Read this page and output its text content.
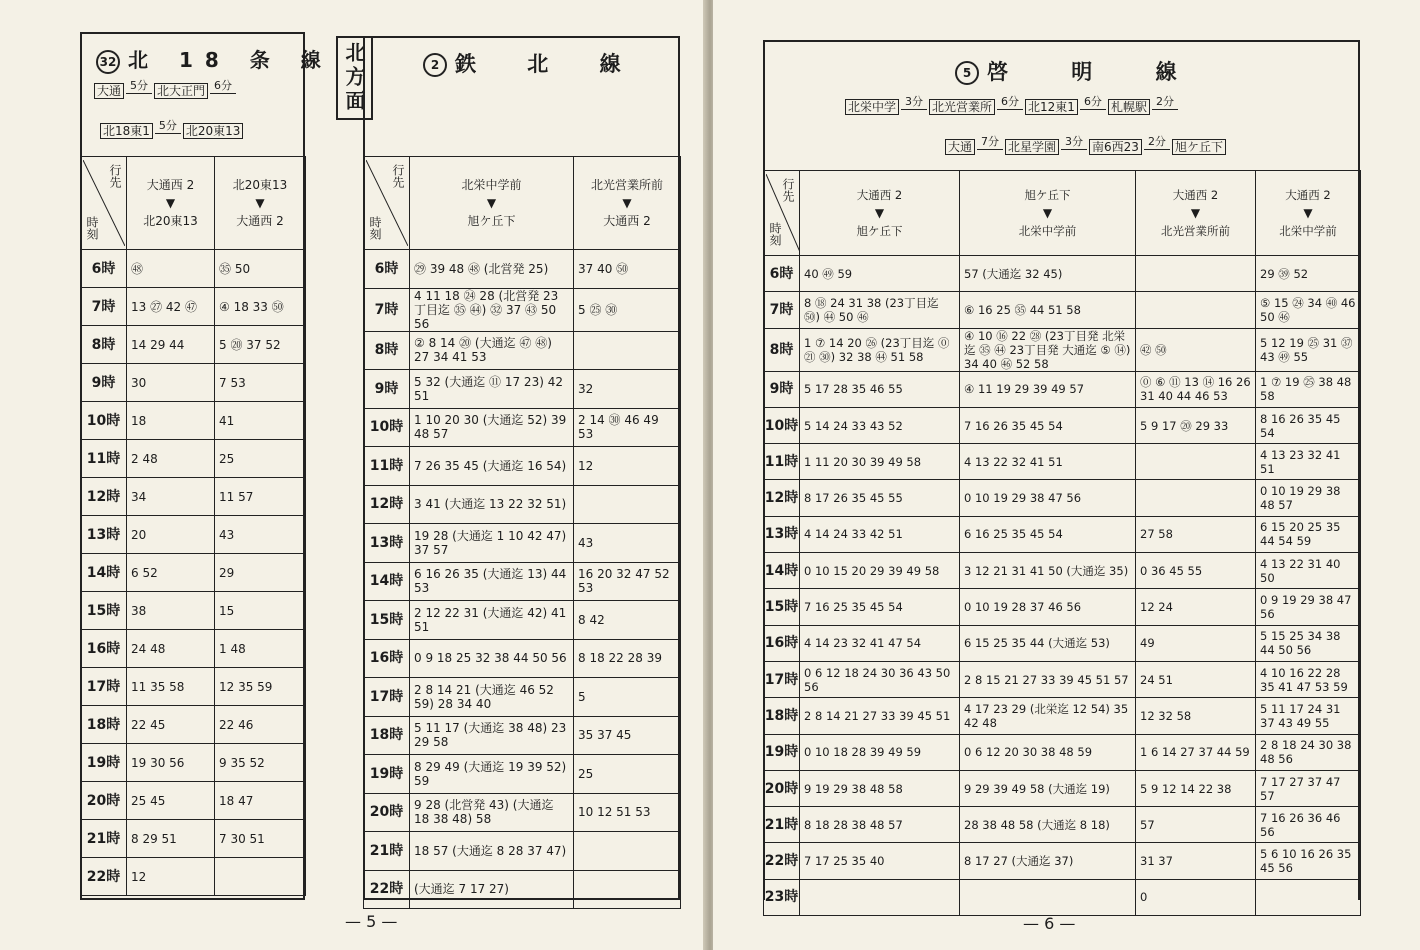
32 北 18 条 線
大通 5分 北大正門 6分
北18東1 5分 北20東13
行先
時刻	大通西 2
▼
北20東13	北20東13
▼
大通西 2

6時	㊽	㉟ 50
7時	13 ㉗ 42 ㊼	④ 18 33 ㊿
8時	14 29 44	5 ⑳ 37 52
9時	30	7 53
10時	18	41
11時	2 48	25
12時	34	11 57
13時	20	43
14時	6 52	29
15時	38	15
16時	24 48	1 48
17時	11 35 58	12 35 59
18時	22 45	22 46
19時	19 30 56	9 35 52
20時	25 45	18 47
21時	8 29 51	7 30 51
22時	12	
北方面	2 鉄 北 線
行先
時刻	北栄中学前
▼
旭ケ丘下	北光営業所前
▼
大通西 2

6時	㉙ 39 48 ㊽ (北営発 25)	37 40 ㊿
7時	4 11 18 ㉔ 28 (北営発 23丁目迄 ㉟ ㊹) ㉜ 37 ㊸ 50 56	5 ㉕ ㉚
8時	② 8 14 ⑳ (大通迄 ㊼ ㊽) 27 34 41 53	
9時	5 32 (大通迄 ⑪ 17 23) 42 51	32
10時	1 10 20 30 (大通迄 52) 39 48 57	2 14 ㉚ 46 49 53
11時	7 26 35 45 (大通迄 16 54)	12
12時	3 41 (大通迄 13 22 32 51)	
13時	19 28 (大通迄 1 10 42 47) 37 57	43
14時	6 16 26 35 (大通迄 13) 44 53	16 20 32 47 52 53
15時	2 12 22 31 (大通迄 42) 41 51	8 42
16時	0 9 18 25 32 38 44 50 56	8 18 22 28 39
17時	2 8 14 21 (大通迄 46 52 59) 28 34 40	5
18時	5 11 17 (大通迄 38 48) 23 29 58	35 37 45
19時	8 29 49 (大通迄 19 39 52) 59	25
20時	9 28 (北営発 43) (大通迄 18 38 48) 58	10 12 51 53
21時	18 57 (大通迄 8 28 37 47)	
22時	(大通迄 7 17 27)	
— 5 —
5 啓 明 線
北栄中学 3分 北光営業所 6分 北12東1 6分 札幌駅 2分
大通 7分 北星学園 3分 南6西23 2分 旭ケ丘下
行先
時刻	大通西 2
▼
旭ケ丘下	旭ケ丘下
▼
北栄中学前	大通西 2
▼
北光営業所前	大通西 2
▼
北栄中学前

6時	40 ㊾ 59	57 (大通迄 32 45)		29 ㊴ 52
7時	8 ⑱ 24 31 38 (23丁目迄 ㊿) ㊹ 50 ㊻	⑥ 16 25 ㉟ 44 51 58		⑤ 15 ㉔ 34 ㊵ 46 50 ㊻
8時	1 ⑦ 14 20 ㉖ (23丁目迄 ⓪ ㉑ ㉚) 32 38 ㊹ 51 58	④ 10 ⑯ 22 ㉘ (23丁目発 北栄迄 ㉟ ㊹ 23丁目発 大通迄 ⑤ ⑭) 34 40 ㊻ 52 58	㊷ ㊿	5 12 19 ㉕ 31 ㊲ 43 ㊾ 55
9時	5 17 28 35 46 55	④ 11 19 29 39 49 57	⓪ ⑥ ⑪ 13 ⑭ 16 26 31 40 44 46 53	1 ⑦ 19 ㉕ 38 48 58
10時	5 14 24 33 43 52	7 16 26 35 45 54	5 9 17 ⑳ 29 33	8 16 26 35 45 54
11時	1 11 20 30 39 49 58	4 13 22 32 41 51		4 13 23 32 41 51
12時	8 17 26 35 45 55	0 10 19 29 38 47 56		0 10 19 29 38 48 57
13時	4 14 24 33 42 51	6 16 25 35 45 54	27 58	6 15 20 25 35 44 54 59
14時	0 10 15 20 29 39 49 58	3 12 21 31 41 50 (大通迄 35)	0 36 45 55	4 13 22 31 40 50
15時	7 16 25 35 45 54	0 10 19 28 37 46 56	12 24	0 9 19 29 38 47 56
16時	4 14 23 32 41 47 54	6 15 25 35 44 (大通迄 53)	49	5 15 25 34 38 44 50 56
17時	0 6 12 18 24 30 36 43 50 56	2 8 15 21 27 33 39 45 51 57	24 51	4 10 16 22 28 35 41 47 53 59
18時	2 8 14 21 27 33 39 45 51	4 17 23 29 (北栄迄 12 54) 35 42 48	12 32 58	5 11 17 24 31 37 43 49 55
19時	0 10 18 28 39 49 59	0 6 12 20 30 38 48 59	1 6 14 27 37 44 59	2 8 18 24 30 38 48 56
20時	9 19 29 38 48 58	9 29 39 49 58 (大通迄 19)	5 9 12 14 22 38	7 17 27 37 47 57
21時	8 18 28 38 48 57	28 38 48 58 (大通迄 8 18)	57	7 16 26 36 46 56
22時	7 17 25 35 40	8 17 27 (大通迄 37)	31 37	5 6 10 16 26 35 45 56
23時			0	
— 6 —
